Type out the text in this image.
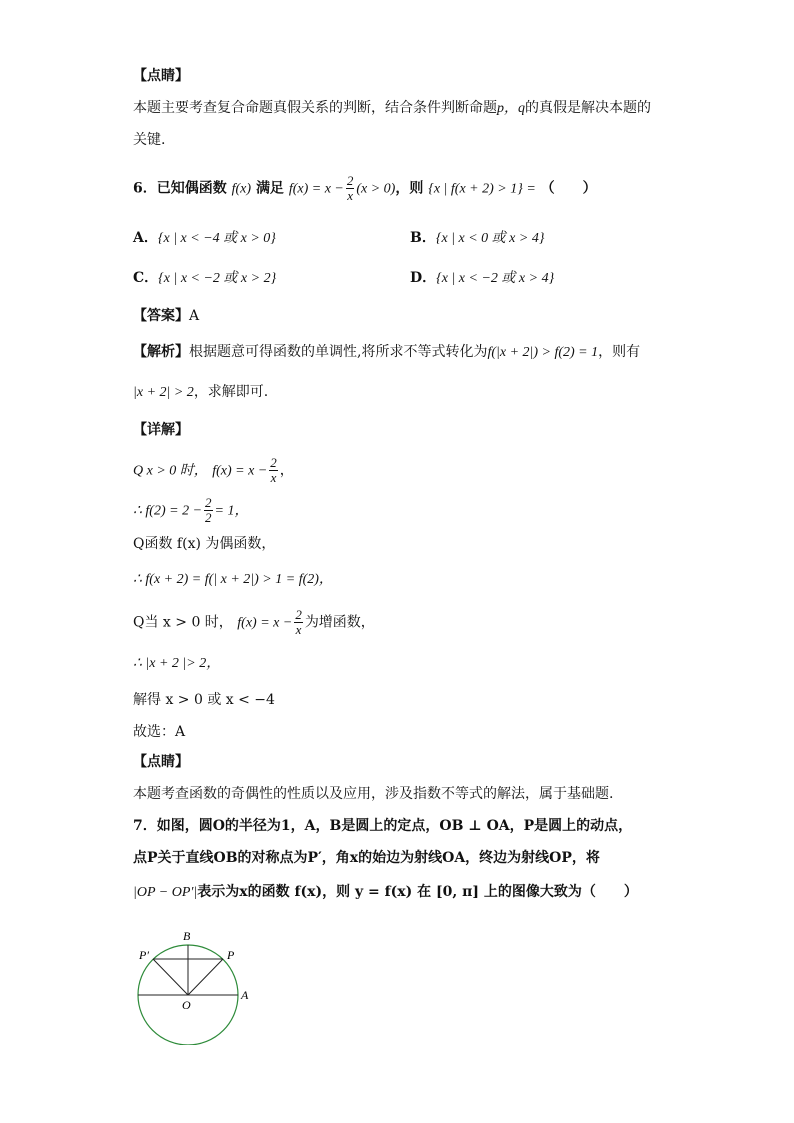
【点睛】
本题主要考查复合命题真假关系的判断，结合条件判断命题p，q的真假是解决本题的
关键.
6．已知偶函数 f(x) 满足 $f(x) = x - \frac{2}{x} (x > 0)$，则 {x | f(x + 2) > 1} = （　　）
A．{x | x < −4 或 x > 0}	B．{x | x < 0 或 x > 4}
C．{x | x < −2 或 x > 2}	D．{x | x < −2 或 x > 4}
【答案】A
【解析】根据题意可得函数的单调性,将所求不等式转化为f(|x + 2|) > f(2) = 1，则有
|x + 2| > 2，求解即可.
【详解】
Q x > 0 时， $f(x) = x - \frac{2}{x}$ ，
∴ $f(2) = 2 - \frac{2}{2} = 1$，
Q函数 f(x) 为偶函数，
∴ f(x + 2) = f(| x + 2|) > 1 = f(2)，
Q当 x > 0 时， $f(x) = x - \frac{2}{x}$ 为增函数，
∴ |x + 2 |> 2，
解得 x > 0 或 x < −4
故选：A
【点睛】
本题考查函数的奇偶性的性质以及应用，涉及指数不等式的解法，属于基础题.
7．如图，圆O的半径为1，A，B是圆上的定点，OB ⊥ OA，P是圆上的动点，
点P关于直线OB的对称点为P′，角x的始边为射线OA，终边为射线OP，将
|OP − OP′|表示为x的函数 f(x)，则 y = f(x) 在 [0, π] 上的图像大致为（　　）
B
P
P′
O
A
